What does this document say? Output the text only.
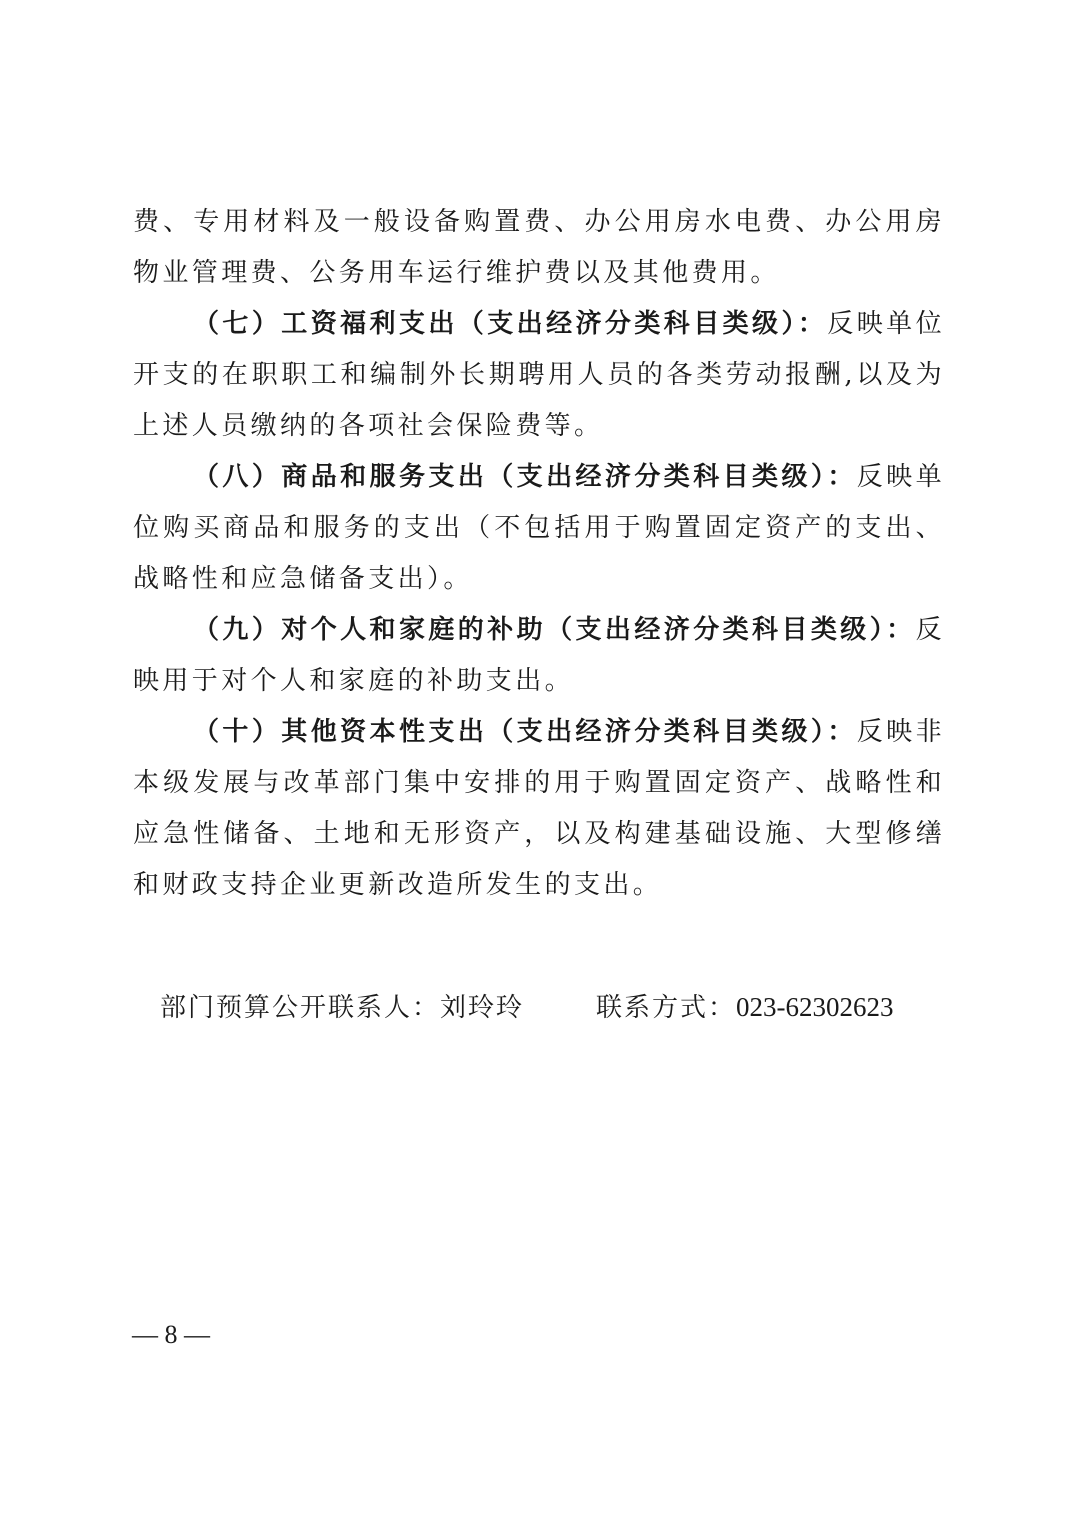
费、专用材料及一般设备购置费、办公用房水电费、办公用房物业管理费、公务用车运行维护费以及其他费用。

（七）工资福利支出（支出经济分类科目类级）：反映单位开支的在职职工和编制外长期聘用人员的各类劳动报酬,以及为上述人员缴纳的各项社会保险费等。

（八）商品和服务支出（支出经济分类科目类级）：反映单位购买商品和服务的支出（不包括用于购置固定资产的支出、战略性和应急储备支出）。

（九）对个人和家庭的补助（支出经济分类科目类级）：反映用于对个人和家庭的补助支出。

（十）其他资本性支出（支出经济分类科目类级）：反映非本级发展与改革部门集中安排的用于购置固定资产、战略性和应急性储备、土地和无形资产，以及构建基础设施、大型修缮和财政支持企业更新改造所发生的支出。

部门预算公开联系人：刘玲玲	联系方式：023-62302623
— 8 —
